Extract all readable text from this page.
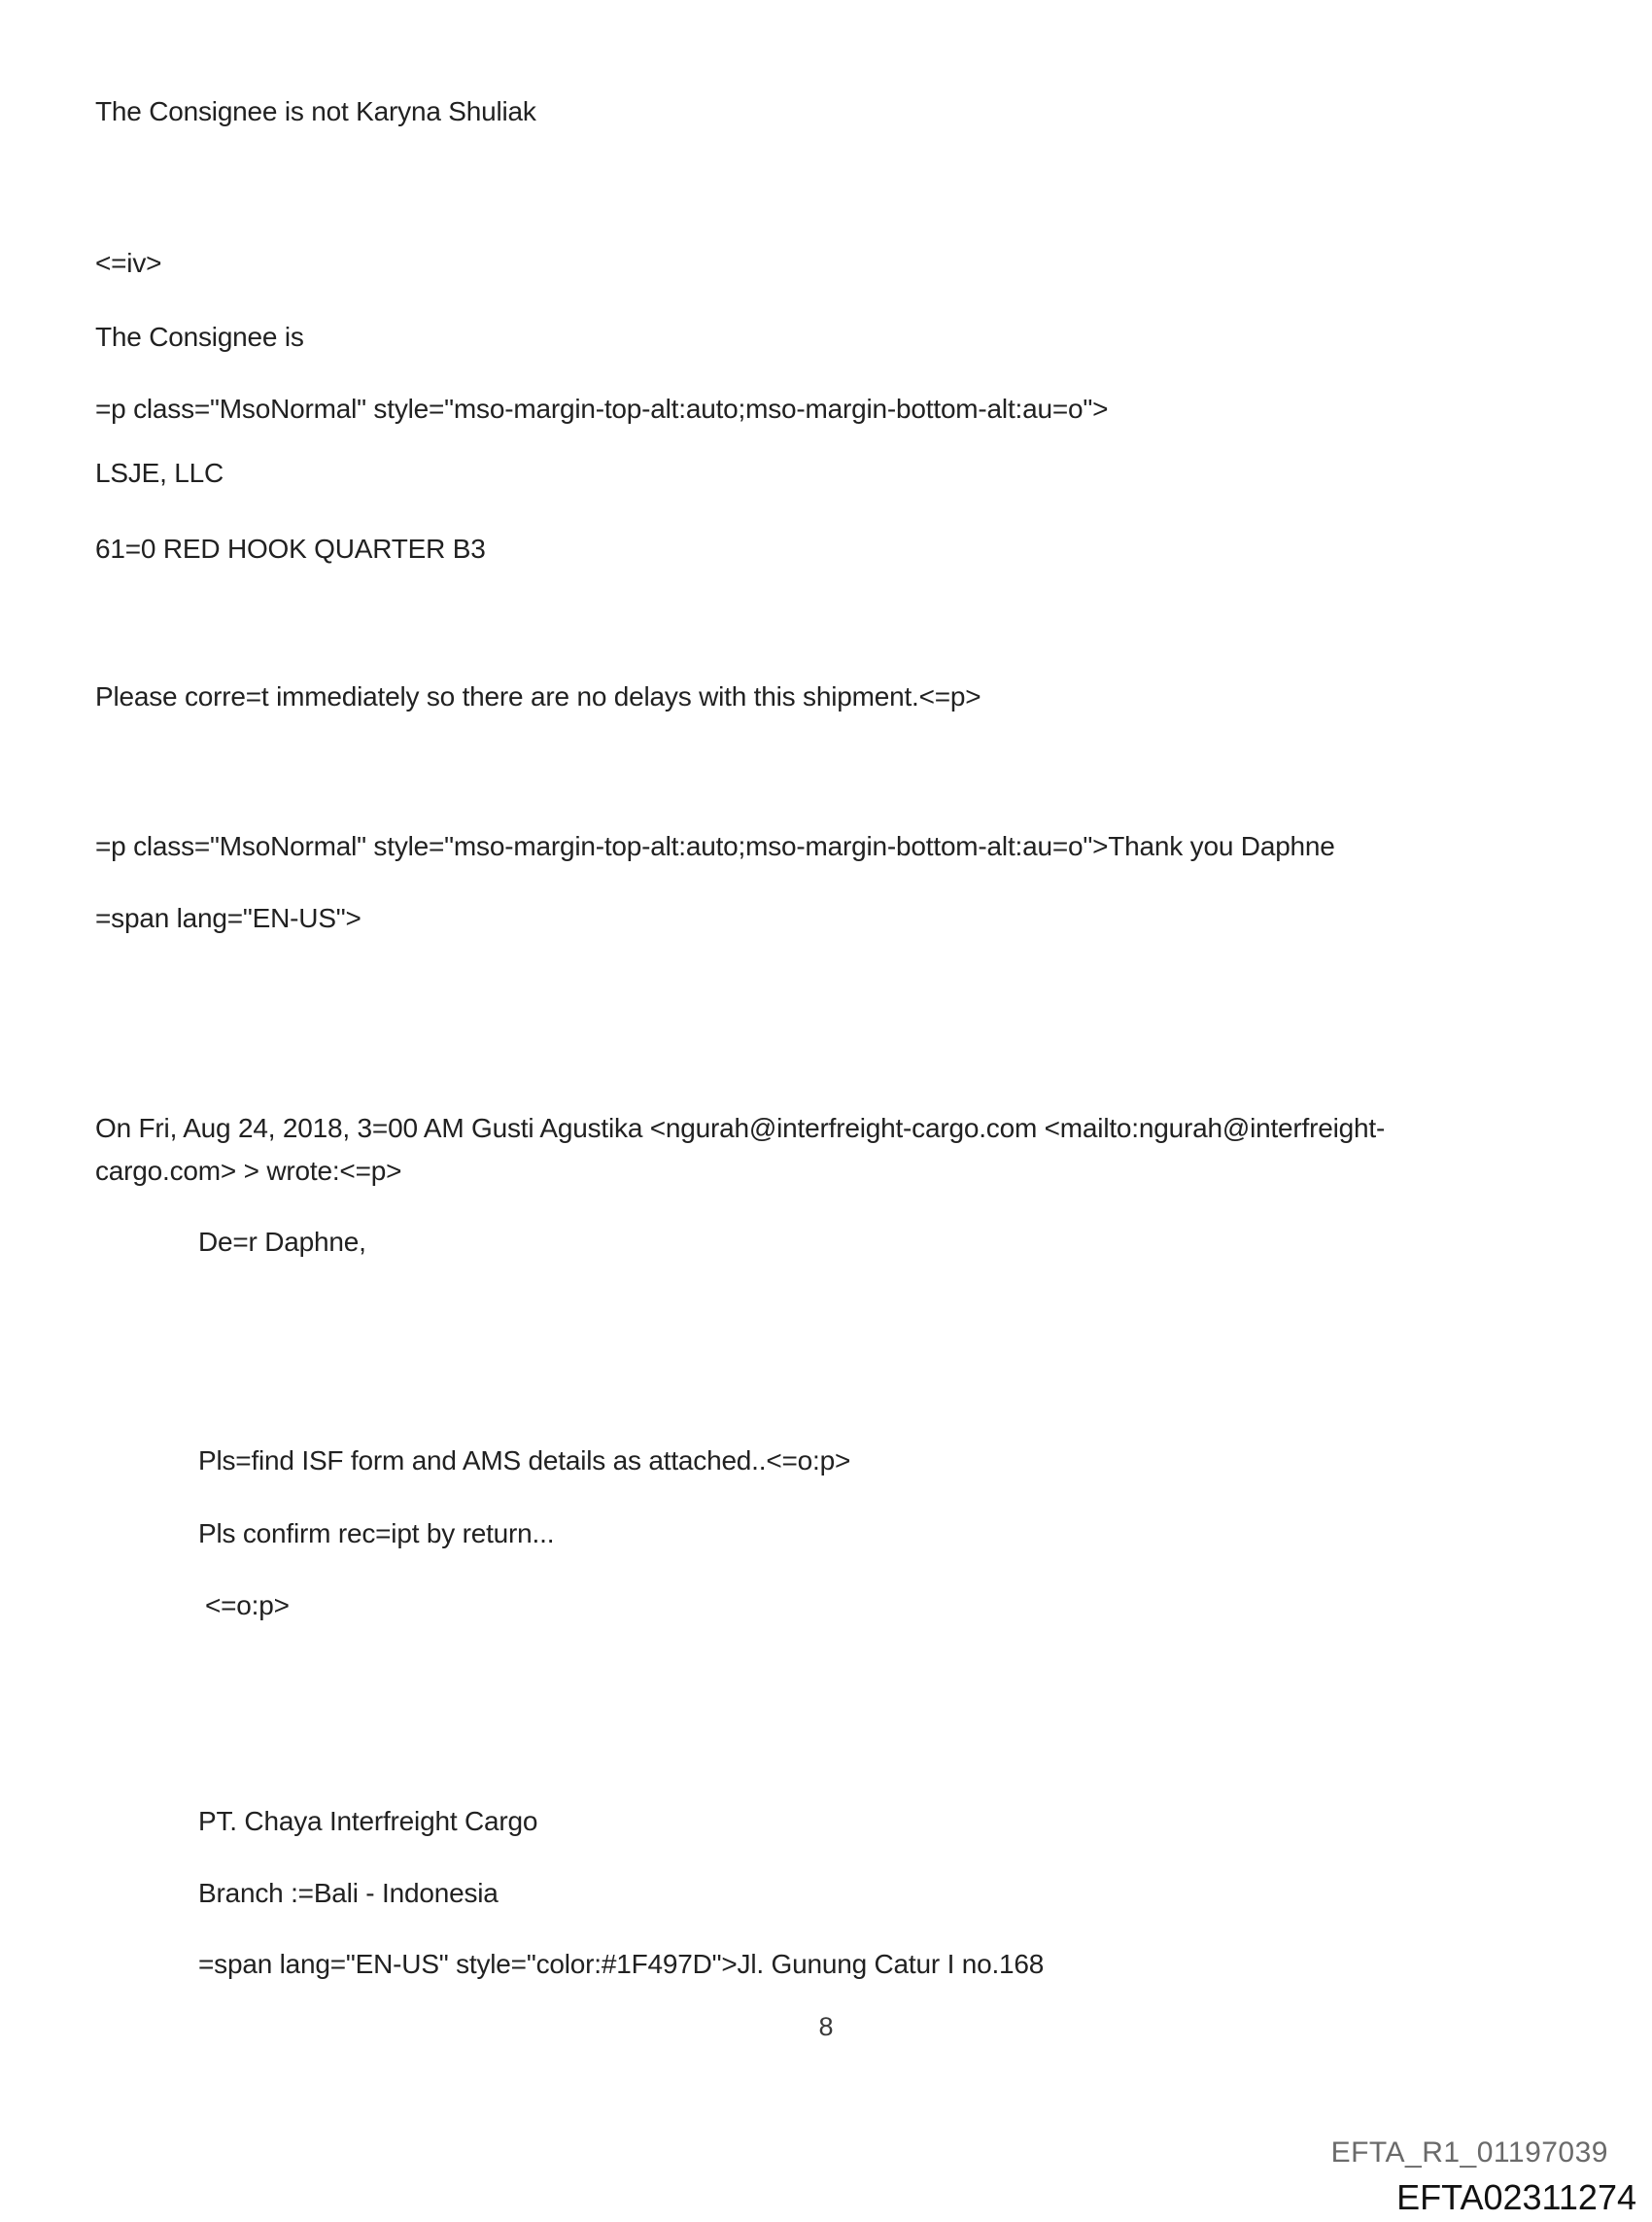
The Consignee is not Karyna Shuliak
<=iv>
The Consignee is
=p class="MsoNormal" style="mso-margin-top-alt:auto;mso-margin-bottom-alt:au=o">
LSJE, LLC
61=0 RED HOOK QUARTER B3
Please corre=t immediately so there are no delays with this shipment.<=p>
=p class="MsoNormal" style="mso-margin-top-alt:auto;mso-margin-bottom-alt:au=o">Thank you Daphne
=span lang="EN-US">
On Fri, Aug 24, 2018, 3=00 AM Gusti Agustika <ngurah@interfreight-cargo.com <mailto:ngurah@interfreight-
cargo.com> > wrote:<=p>
De=r Daphne,
Pls=find ISF form and AMS details as attached..<=o:p>
Pls confirm rec=ipt by return...
<=o:p>
PT. Chaya Interfreight Cargo
Branch :=Bali - Indonesia
=span lang="EN-US" style="color:#1F497D">Jl. Gunung Catur I no.168
8
EFTA_R1_01197039
EFTA02311274
